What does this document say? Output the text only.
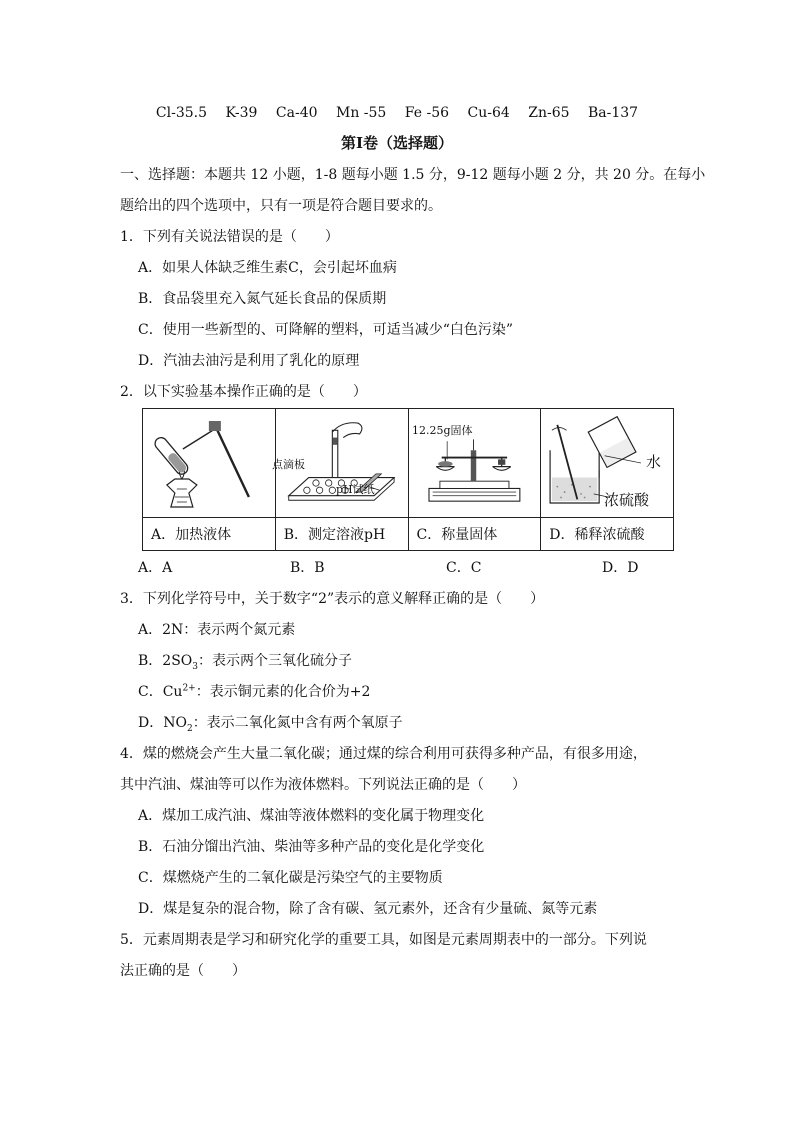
Cl-35.5 K-39 Ca-40 Mn -55 Fe -56 Cu-64 Zn-65 Ba-137
第Ⅰ卷（选择题）
一、选择题：本题共 12 小题，1-8 题每小题 1.5 分，9-12 题每小题 2 分，共 20 分。在每小
题给出的四个选项中，只有一项是符合题目要求的。
1．下列有关说法错误的是（　　）
A．如果人体缺乏维生素C，会引起坏血病
B．食品袋里充入氮气延长食品的保质期
C．使用一些新型的、可降解的塑料，可适当减少“白色污染”
D．汽油去油污是利用了乳化的原理
2．以下实验基本操作正确的是（　　）

A．加热液体	B．测定溶液pH	C．称量固体	D．稀释浓硫酸
点滴板
pH试纸
12.25g固体
水
浓硫酸
A．A	B．B	C．C	D．D
3．下列化学符号中，关于数字“2”表示的意义解释正确的是（　　）
A．2N：表示两个氮元素
B．$2SO_3$：表示两个三氧化硫分子
C．$Cu^{2+}$：表示铜元素的化合价为+2
D．$NO_2$：表示二氧化氮中含有两个氧原子
4．煤的燃烧会产生大量二氧化碳；通过煤的综合利用可获得多种产品，有很多用途，
其中汽油、煤油等可以作为液体燃料。下列说法正确的是（　　）
A．煤加工成汽油、煤油等液体燃料的变化属于物理变化
B．石油分馏出汽油、柴油等多种产品的变化是化学变化
C．煤燃烧产生的二氧化碳是污染空气的主要物质
D．煤是复杂的混合物，除了含有碳、氢元素外，还含有少量硫、氮等元素
5．元素周期表是学习和研究化学的重要工具，如图是元素周期表中的一部分。下列说
法正确的是（　　）
